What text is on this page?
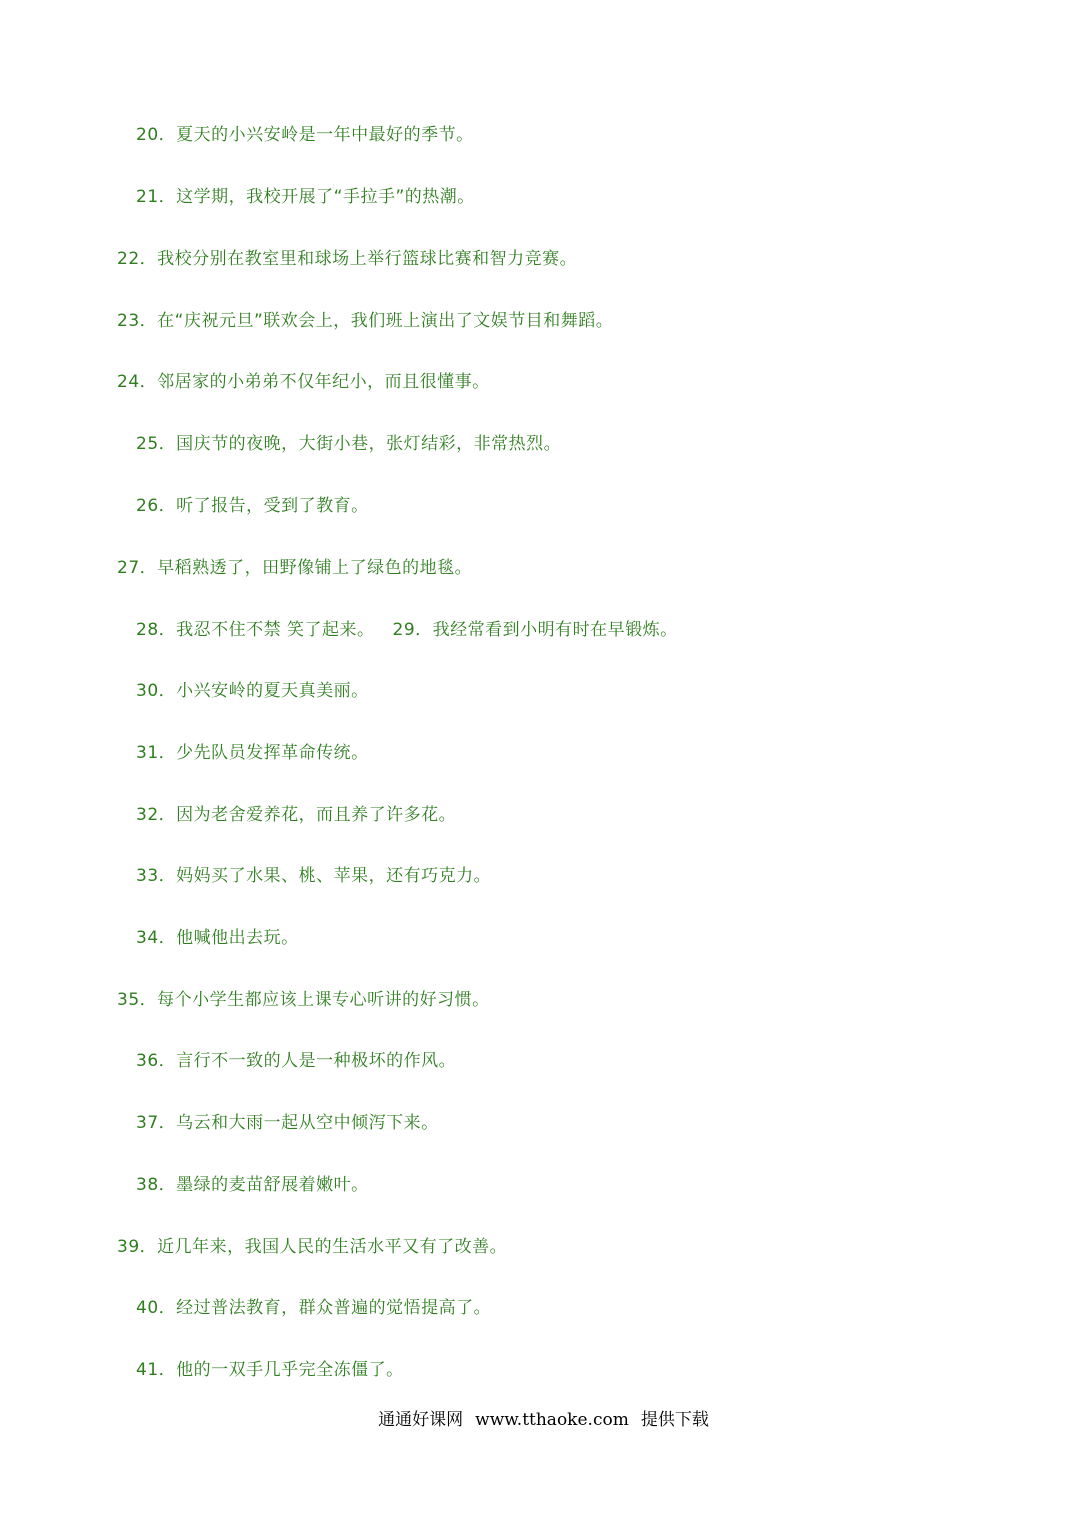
20．夏天的小兴安岭是一年中最好的季节。
21．这学期，我校开展了“手拉手”的热潮。
22．我校分别在教室里和球场上举行篮球比赛和智力竞赛。
23．在“庆祝元旦”联欢会上，我们班上演出了文娱节目和舞蹈。
24．邻居家的小弟弟不仅年纪小，而且很懂事。
25．国庆节的夜晚，大街小巷，张灯结彩，非常热烈。
26．听了报告，受到了教育。
27．早稻熟透了，田野像铺上了绿色的地毯。
28．我忍不住不禁 笑了起来。 29．我经常看到小明有时在早锻炼。
30．小兴安岭的夏天真美丽。
31．少先队员发挥革命传统。
32．因为老舍爱养花，而且养了许多花。
33．妈妈买了水果、桃、苹果，还有巧克力。
34．他喊他出去玩。
35．每个小学生都应该上课专心听讲的好习惯。
36．言行不一致的人是一种极坏的作风。
37．乌云和大雨一起从空中倾泻下来。
38．墨绿的麦苗舒展着嫩叶。
39．近几年来，我国人民的生活水平又有了改善。
40．经过普法教育，群众普遍的觉悟提高了。
41．他的一双手几乎完全冻僵了。
通通好课网 www.tthaoke.com 提供下载
